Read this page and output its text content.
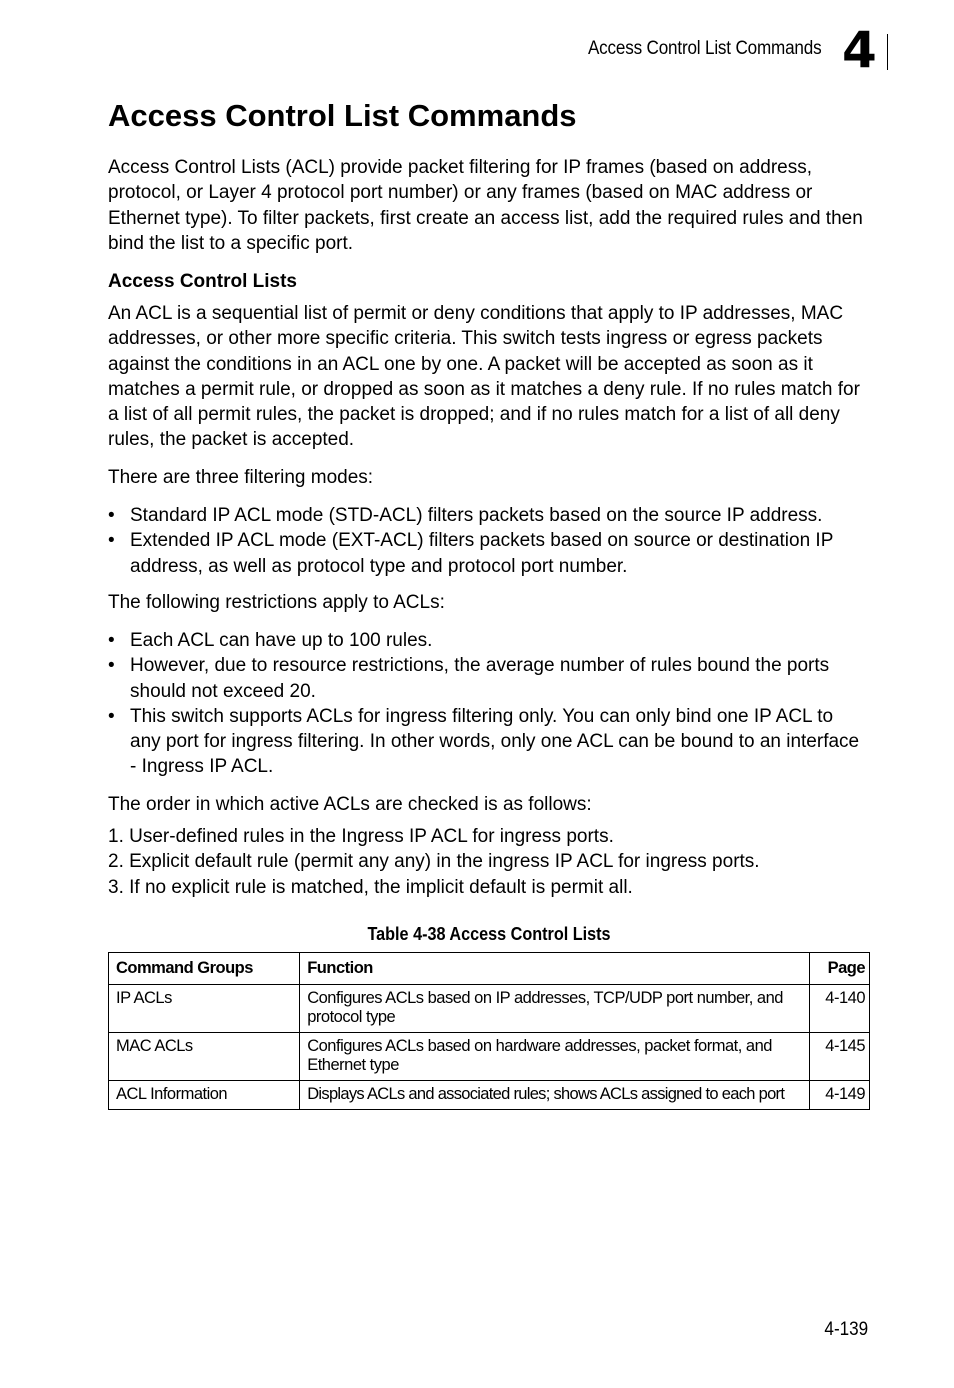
Access Control List Commands 4
Access Control List Commands

Access Control Lists (ACL) provide packet filtering for IP frames (based on address, protocol, or Layer 4 protocol port number) or any frames (based on MAC address or Ethernet type). To filter packets, first create an access list, add the required rules and then bind the list to a specific port.

Access Control Lists

An ACL is a sequential list of permit or deny conditions that apply to IP addresses, MAC addresses, or other more specific criteria. This switch tests ingress or egress packets against the conditions in an ACL one by one. A packet will be accepted as soon as it matches a permit rule, or dropped as soon as it matches a deny rule. If no rules match for a list of all permit rules, the packet is dropped; and if no rules match for a list of all deny rules, the packet is accepted.

There are three filtering modes:

• Standard IP ACL mode (STD-ACL) filters packets based on the source IP address.
• Extended IP ACL mode (EXT-ACL) filters packets based on source or destination IP address, as well as protocol type and protocol port number.

The following restrictions apply to ACLs:

• Each ACL can have up to 100 rules.
• However, due to resource restrictions, the average number of rules bound the ports should not exceed 20.
• This switch supports ACLs for ingress filtering only. You can only bind one IP ACL to any port for ingress filtering. In other words, only one ACL can be bound to an interface - Ingress IP ACL.

The order in which active ACLs are checked is as follows:

1. User-defined rules in the Ingress IP ACL for ingress ports.
2. Explicit default rule (permit any any) in the ingress IP ACL for ingress ports.
3. If no explicit rule is matched, the implicit default is permit all.
Table 4-38 Access Control Lists
Command Groups	Function	Page
IP ACLs	Configures ACLs based on IP addresses, TCP/UDP port number, and protocol type	4-140
MAC ACLs	Configures ACLs based on hardware addresses, packet format, and Ethernet type	4-145
ACL Information	Displays ACLs and associated rules; shows ACLs assigned to each port	4-149
4-139
